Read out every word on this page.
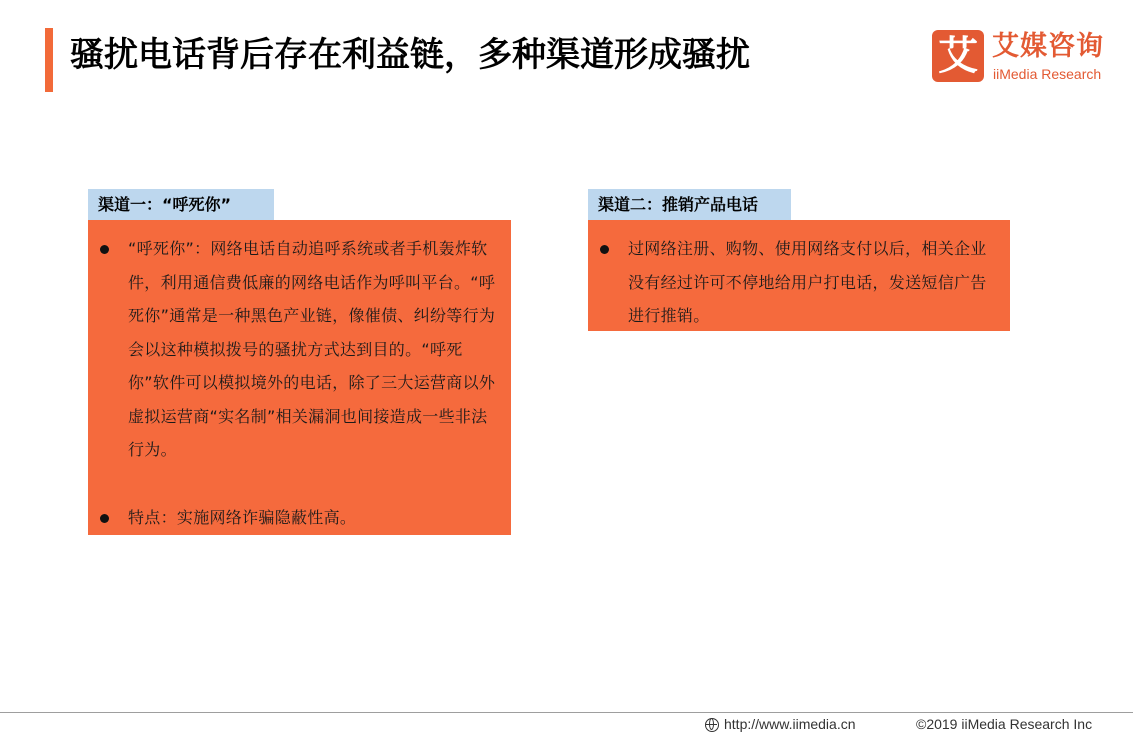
骚扰电话背后存在利益链，多种渠道形成骚扰	艾 艾媒咨询
iiMedia Research
渠道一：“呼死你”
“呼死你”：网络电话自动追呼系统或者手机轰炸软件，利用通信费低廉的网络电话作为呼叫平台。“呼死你”通常是一种黑色产业链，像催债、纠纷等行为会以这种模拟拨号的骚扰方式达到目的。“呼死你”软件可以模拟境外的电话，除了三大运营商以外虚拟运营商“实名制”相关漏洞也间接造成一些非法行为。
特点：实施网络诈骗隐蔽性高。
渠道二：推销产品电话
过网络注册、购物、使用网络支付以后，相关企业没有经过许可不停地给用户打电话，发送短信广告进行推销。
http://www.iimedia.cn	©2019 iiMedia Research Inc
